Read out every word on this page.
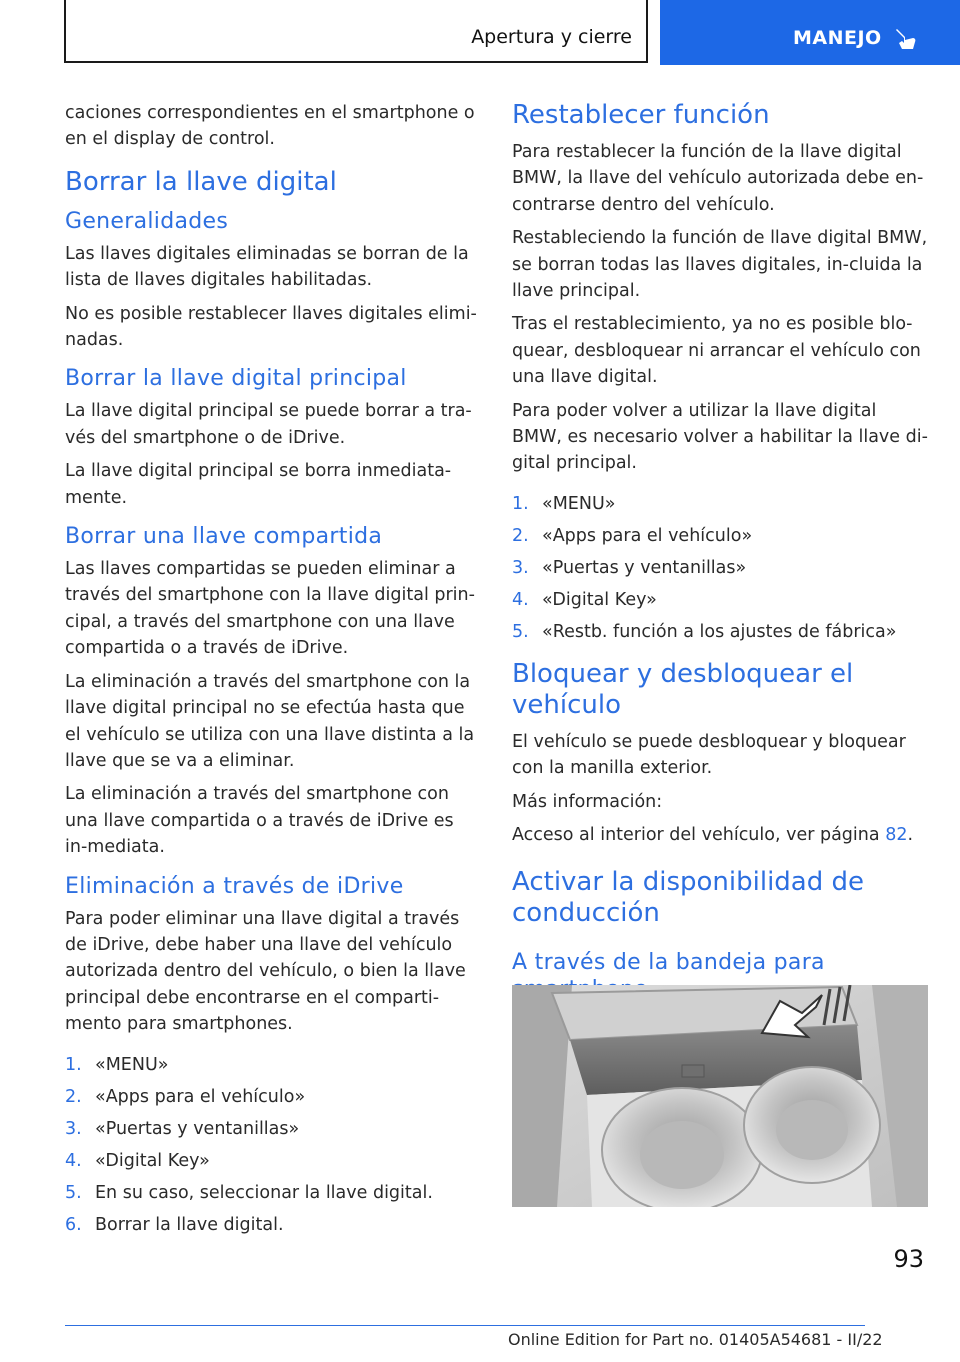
Apertura y cierre	MANEJO

caciones correspondientes en el smartphone o en el display de control.

Borrar la llave digital
Generalidades

Las llaves digitales eliminadas se borran de la lista de llaves digitales habilitadas.

No es posible restablecer llaves digitales elimi‐nadas.

Borrar la llave digital principal

La llave digital principal se puede borrar a tra‐vés del smartphone o de iDrive.

La llave digital principal se borra inmediata‐mente.

Borrar una llave compartida

Las llaves compartidas se pueden eliminar a través del smartphone con la llave digital prin‐cipal, a través del smartphone con una llave compartida o a través de iDrive.

La eliminación a través del smartphone con la llave digital principal no se efectúa hasta que el vehículo se utiliza con una llave distinta a la llave que se va a eliminar.

La eliminación a través del smartphone con una llave compartida o a través de iDrive es in‐mediata.

Eliminación a través de iDrive

Para poder eliminar una llave digital a través de iDrive, debe haber una llave del vehículo autorizada dentro del vehículo, o bien la llave principal debe encontrarse en el comparti‐mento para smartphones.

1. «MENU»
2. «Apps para el vehículo»
3. «Puertas y ventanillas»
4. «Digital Key»
5. En su caso, seleccionar la llave digital.
6. Borrar la llave digital.
Restablecer función

Para restablecer la función de la llave digital BMW, la llave del vehículo autorizada debe en‐contrarse dentro del vehículo.

Restableciendo la función de llave digital BMW, se borran todas las llaves digitales, in‐cluida la llave principal.

Tras el restablecimiento, ya no es posible blo‐quear, desbloquear ni arrancar el vehículo con una llave digital.

Para poder volver a utilizar la llave digital BMW, es necesario volver a habilitar la llave di‐gital principal.

1. «MENU»
2. «Apps para el vehículo»
3. «Puertas y ventanillas»
4. «Digital Key»
5. «Restb. función a los ajustes de fábrica»
Bloquear y desbloquear el vehículo

El vehículo se puede desbloquear y bloquear con la manilla exterior.

Más información:

Acceso al interior del vehículo, ver página 82.

Activar la disponibilidad de conducción
A través de la bandeja para
93
Online Edition for Part no. 01405A54681 - II/22
